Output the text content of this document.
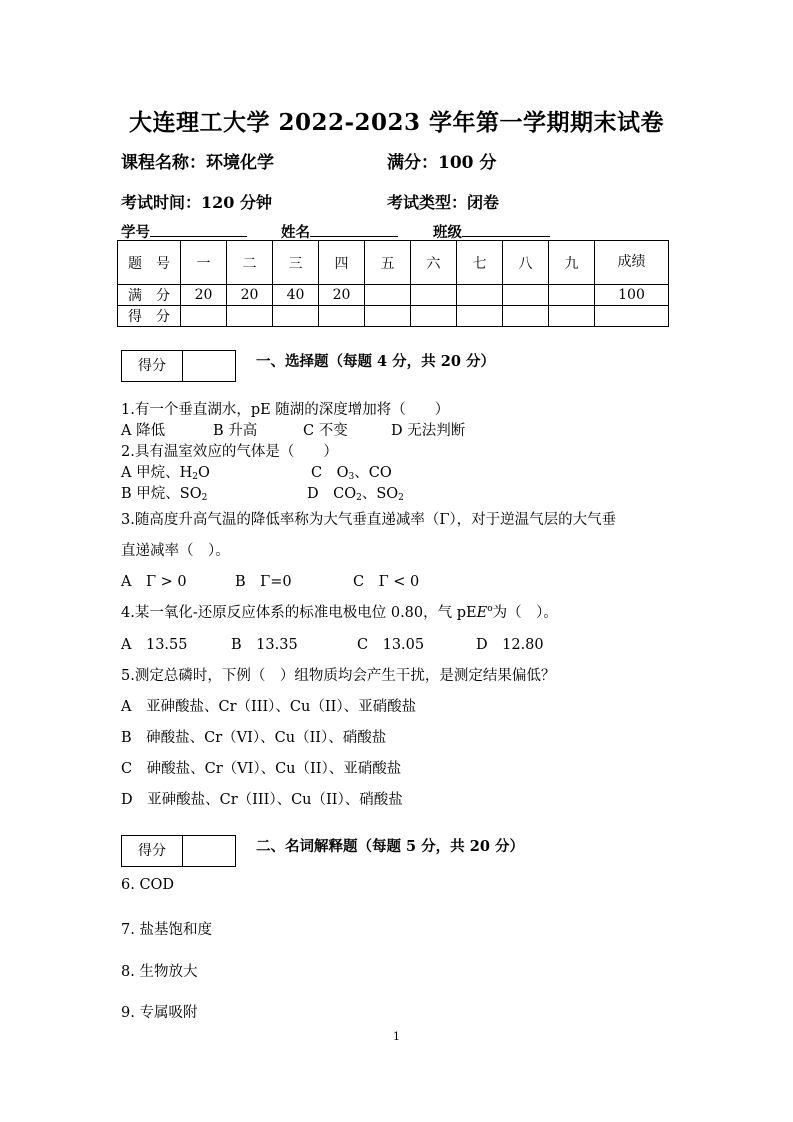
大连理工大学 2022-2023 学年第一学期期末试卷
课程名称：环境化学	满分：100 分
考试时间：120 分钟	考试类型：闭卷
学号	姓名	班级
题　号	一	二	三	四	五	六	七	八	九	成绩
满　分	20	20	40	20						100
得　分										
得分	一、选择题（每题 4 分，共 20 分）
1.有一个垂直湖水，pE 随湖的深度增加将（　　）
A 降低	B 升高	C 不变	D 无法判断
2.具有温室效应的气体是（　　）
A 甲烷、$H_2O$	C　$O_3$、CO
B 甲烷、$SO_2$	D　$CO_2$、$SO_2$
3.随高度升高气温的降低率称为大气垂直递减率（Γ），对于逆温气层的大气垂
直递减率（　）。
A　Γ > 0	B　Γ=0	C　Γ < 0
4.某一氧化-还原反应体系的标准电极电位 0.80，气 pEE$^o$为（　）。
A　13.55	B　13.35	C　13.05	D　12.80
5.测定总磷时，下例（　）组物质均会产生干扰，是测定结果偏低？
A　亚砷酸盐、Cr（III）、Cu（II）、亚硝酸盐
B　砷酸盐、Cr（VI）、Cu（II）、硝酸盐
C　砷酸盐、Cr（VI）、Cu（II）、亚硝酸盐
D　亚砷酸盐、Cr（III）、Cu（II）、硝酸盐
得分	二、名词解释题（每题 5 分，共 20 分）
6. COD
7. 盐基饱和度
8. 生物放大
9. 专属吸附
1
